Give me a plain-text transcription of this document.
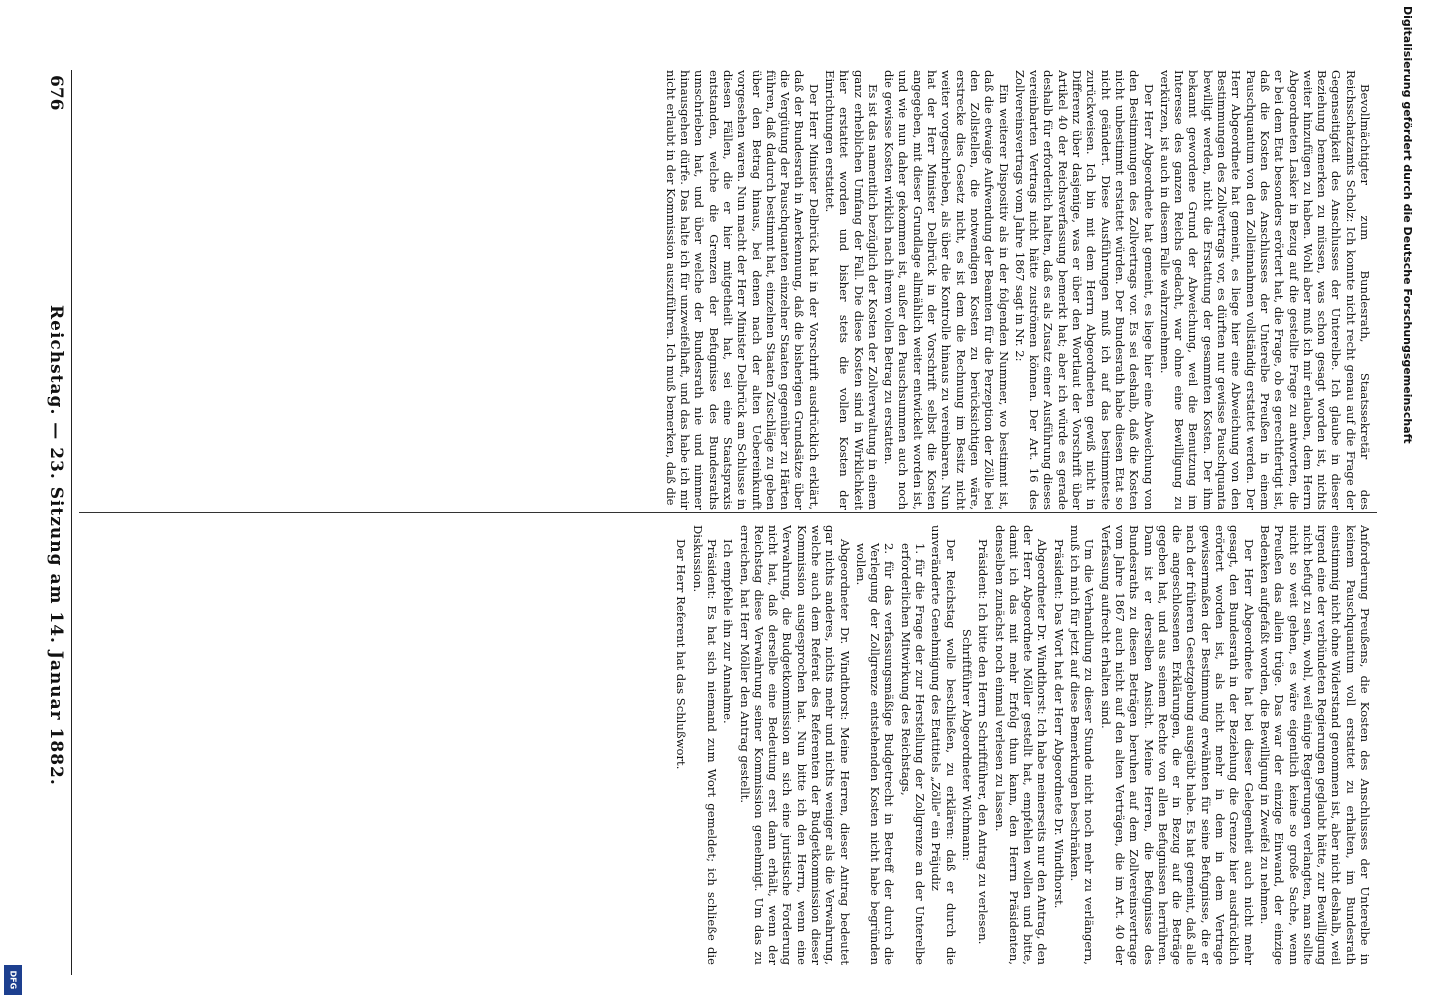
676
Reichstag. — 23. Sitzung am 14. Januar 1882.

Bevollmächtigter zum Bundesrath, Staatssekretär des Reichsschatzamts Scholz: Ich konnte nicht recht genau auf die Frage der Gegenseitigkeit des Anschlusses der Unterelbe. Ich glaube in dieser Beziehung bemerken zu müssen, was schon gesagt worden ist, nichts weiter hinzufügen zu haben. Wohl aber muß ich mir erlauben, dem Herrn Abgeordneten Lasker in Bezug auf die gestellte Frage zu antworten, die er bei dem Etat besonders erörtert hat, die Frage, ob es gerechtfertigt ist, daß die Kosten des Anschlusses der Unterelbe Preußen in einem Pauschquantum von den Zolleinnahmen vollständig erstattet werden. Der Herr Abgeordnete hat gemeint, es liege hier eine Abweichung von den Bestimmungen des Zollvertrags vor, es dürften nur gewisse Pauschquanta bewilligt werden, nicht die Erstattung der gesammten Kosten. Der ihm bekannt gewordene Grund der Abweichung, weil die Benutzung im Interesse des ganzen Reichs gedacht, war ohne eine Bewilligung zu verkürzen, ist auch in diesem Falle wahrzunehmen.

Der Herr Abgeordnete hat gemeint, es liege hier eine Abweichung von den Bestimmungen des Zollvertrags vor. Es sei deshalb, daß die Kosten nicht unbestimmt erstattet würden. Der Bundesrath habe diesen Etat so nicht geändert. Diese Ausführungen muß ich auf das bestimmteste zurückweisen. Ich bin mit dem Herrn Abgeordneten gewiß nicht in Differenz über dasjenige, was er über den Wortlaut der Vorschrift über Artikel 40 der Reichsverfassung bemerkt hat; aber ich würde es gerade deshalb für erforderlich halten, daß es als Zusatz einer Ausführung dieses vereinbarten Vertrags nicht hätte zuströmen können. Der Art. 16 des Zollvereinsvertrags vom Jahre 1867 sagt in Nr. 2:

Ein weiterer Dispositiv als in der folgenden Nummer, wo bestimmt ist, daß die etwaige Aufwendung der Beamten für die Perzeption der Zölle bei den Zollstellen, die notwendigen Kosten zu berücksichtigen wäre, erstrecke dies Gesetz nicht, es ist dem die Rechnung im Besitz nicht weiter vorgeschrieben, als über die Kontrolle hinaus zu vereinbaren. Nun hat der Herr Minister Delbrück in der Vorschrift selbst die Kosten angegeben, mit dieser Grundlage allmählich weiter entwickelt worden ist, und wie nun daher gekommen ist, außer den Pauschsummen auch noch die gewisse Kosten wirklich nach ihrem vollen Betrag zu erstatten.

Es ist das namentlich bezüglich der Kosten der Zollverwaltung in einem ganz erheblichen Umfang der Fall. Die diese Kosten sind in Wirklichkeit hier erstattet worden und bisher stets die vollen Kosten der Einrichtungen erstattet.

Der Herr Minister Delbrück hat in der Vorschrift ausdrücklich erklärt, daß der Bundesrath in Anerkennung, daß die bisherigen Grundsätze über die Vergütung der Pauschquanten einzelner Staaten gegenüber zu Härten führen, daß dadurch bestimmt hat, einzelnen Staaten Zuschläge zu geben über den Betrag hinaus, bei denen nach der alten Uebereinkunft vorgesehen waren. Nun macht der Herr Minister Delbrück am Schlusse in diesen Fällen, die er hier mitgetheilt hat, sei eine Staatspraxis entstanden, welche die Grenzen der Befugnisse des Bundesraths umschrieben hat, und über welche der Bundesrath nie und nimmer hinausgehen dürfe. Das halte ich für unzweifelhaft, und das habe ich mir nicht erlaubt in der Kommission auszuführen. Ich muß bemerken, daß die

Anforderung Preußens, die Kosten des Anschlusses der Unterelbe in keinem Pauschquantum voll erstattet zu erhalten, im Bundesrath einstimmig nicht ohne Widerstand genommen ist, aber nicht deshalb, weil irgend eine der verbündeten Regierungen geglaubt hätte, zur Bewilligung nicht befugt zu sein, wohl, weil einige Regierungen verlangten, man sollte nicht so weit gehen, es wäre eigentlich keine so große Sache, wenn Preußen das allein trüge. Das war der einzige Einwand, der einzige Bedenken aufgefaßt worden, die Bewilligung in Zweifel zu nehmen.

Der Herr Abgeordnete hat bei dieser Gelegenheit auch nicht mehr gesagt, den Bundesrath in der Beziehung die Grenze hier ausdrücklich erörtert worden ist, als nicht mehr in dem in dem Vertrage gewissermaßen der Bestimmung erwähnten für seine Befugnisse, die er nach der früheren Gesetzgebung ausgeübt habe. Es hat gemeint, daß alle die angeschlossenen Erklärungen, die er in Bezug auf die Beträge gegeben hat, und aus seinem Rechte von allen Befugnissen herrühren. Dann ist er derselben Ansicht. Meine Herren, die Befugnisse des Bundesraths zu diesen Beträgen beruhen auf dem Zollvereinsvertrage vom Jahre 1867 auch nicht auf den alten Verträgen, die im Art. 40 der Verfassung aufrecht erhalten sind.

Um die Verhandlung zu dieser Stunde nicht noch mehr zu verlängern, muß ich mich für jetzt auf diese Bemerkungen beschränken.

Präsident: Das Wort hat der Herr Abgeordnete Dr. Windthorst.

Abgeordneter Dr. Windthorst: Ich habe meinerseits nur den Antrag, den der Herr Abgeordnete Möller gestellt hat, empfehlen wollen und bitte, damit ich das mit mehr Erfolg thun kann, den Herrn Präsidenten, denselben zunächst noch einmal verlesen zu lassen.

Präsident: Ich bitte den Herrn Schriftführer, den Antrag zu verlesen.

Schriftführer Abgeordneter Wichmann:

Der Reichstag wolle beschließen, zu erklären: daß er durch die unveränderte Genehmigung des Etattitels „Zölle" ein Präjudiz

1. für die Frage der zur Herstellung der Zollgrenze an der Unterelbe erforderlichen Mitwirkung des Reichstags,

2. für das verfassungsmäßige Budgetrecht in Betreff der durch die Verlegung der Zollgrenze entstehenden Kosten nicht habe begründen wollen.

Abgeordneter Dr. Windthorst: Meine Herren, dieser Antrag bedeutet gar nichts anderes, nichts mehr und nichts weniger als die Verwahrung, welche auch dem Referat des Referenten der Budgetkommission dieser Kommission ausgesprochen hat. Nun bitte ich den Herrn, wenn eine Verwahrung, die Budgetkommission an sich eine juristische Forderung nicht hat, daß derselbe eine Bedeutung erst dann erhält, wenn der Reichstag diese Verwahrung seiner Kommission genehmigt. Um das zu erreichen, hat Herr Möller den Antrag gestellt.

Ich empfehle ihn zur Annahme.

Präsident: Es hat sich niemand zum Wort gemeldet; ich schließe die Diskussion.

Der Herr Referent hat das Schlußwort.

Digitalisierung gefördert durch die Deutsche Forschungsgemeinschaft
DFG
